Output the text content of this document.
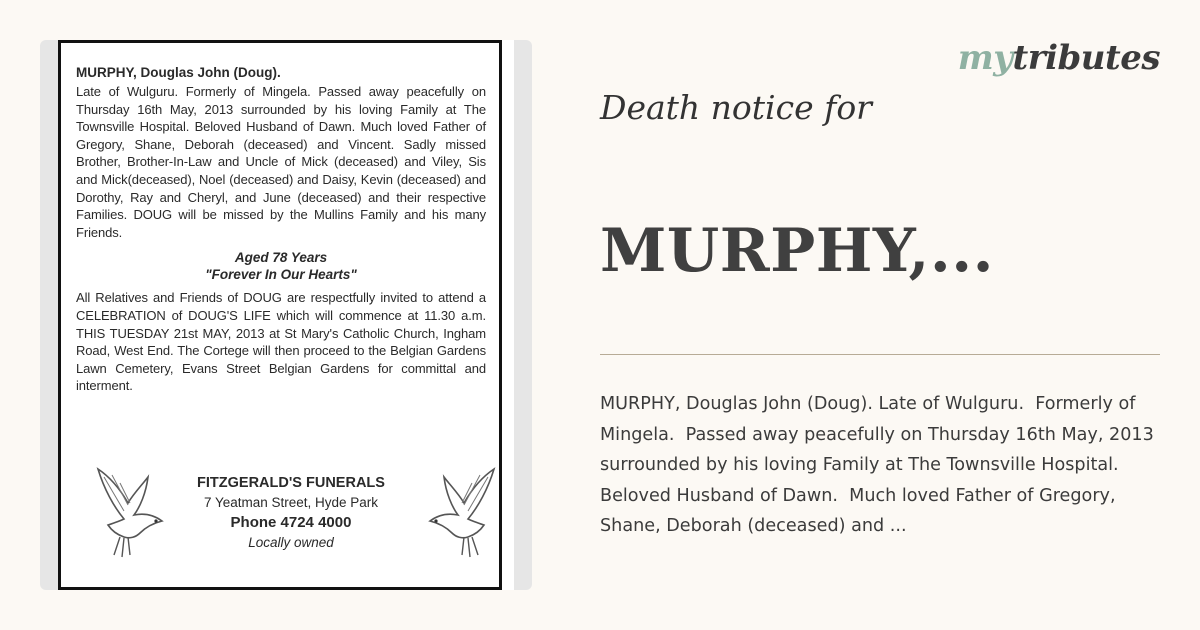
MURPHY, Douglas John (Doug).

Late of Wulguru. Formerly of Mingela. Passed away peacefully on Thursday 16th May, 2013 surrounded by his loving Family at The Townsville Hospital. Beloved Husband of Dawn. Much loved Father of Gregory, Shane, Deborah (deceased) and Vincent. Sadly missed Brother, Brother-In-Law and Uncle of Mick (deceased) and Viley, Sis and Mick(deceased), Noel (deceased) and Daisy, Kevin (deceased) and Dorothy, Ray and Cheryl, and June (deceased) and their respective Families. DOUG will be missed by the Mullins Family and his many Friends.

Aged 78 Years
"Forever In Our Hearts"

All Relatives and Friends of DOUG are respectfully invited to attend a CELEBRATION of DOUG'S LIFE which will commence at 11.30 a.m. THIS TUESDAY 21st MAY, 2013 at St Mary's Catholic Church, Ingham Road, West End. The Cortege will then proceed to the Belgian Gardens Lawn Cemetery, Evans Street Belgian Gardens for committal and interment.

FITZGERALD'S FUNERALS
7 Yeatman Street, Hyde Park
Phone 4724 4000
Locally owned
mytributes
Death notice for
MURPHY,...
MURPHY, Douglas John (Doug). Late of Wulguru.  Formerly of Mingela.  Passed away peacefully on Thursday 16th May, 2013 surrounded by his loving Family at The Townsville Hospital.  Beloved Husband of Dawn.  Much loved Father of Gregory, Shane, Deborah (deceased) and ...
